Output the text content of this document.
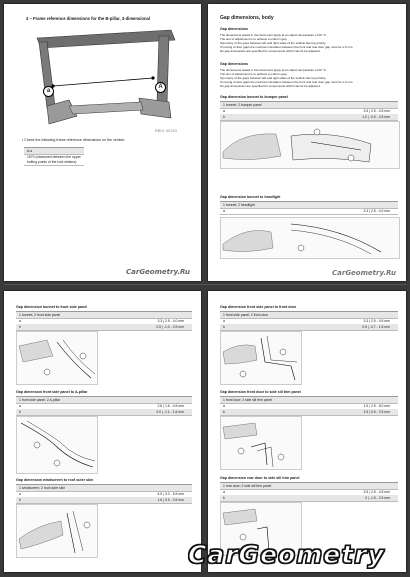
4 – Frame reference dimensions for the B-pillar, 3-dimensional
a
A
RB01 05783
• Check the following frame reference dimensions on the vehicle:
A-a
1570 (measured between the upper bolting points of the lock strikers)
Gap dimensions, body
Gap dimensions
The dimensions stated in this document apply at an object temperature of 20 °C.
The aim of adjustment is to achieve a uniform gap.
Symmetry of the gaps between left and right sides of the vehicle has top priority.
If moving of door gaps the maximum deviation between the front and rear door gap must be 1.0 mm.
No gap dimensions are specified for components which cannot be adjusted.
Gap dimensions
The dimensions stated in this document apply at an object temperature of 20 °C.
The aim of adjustment is to achieve a uniform gap.
Symmetry of the gaps between left and right sides of the vehicle has top priority.
If moving of door gaps the maximum deviation between the front and rear door gap must be 1.0 mm.
No gap dimensions are specified for components which cannot be adjusted.
Gap dimension bonnet to bumper panel
1 bonnet; 2 bumper panel
a	3.5 | 2.5 - 4.5 mm
b	1.0 | -0.5 - 2.5 mm
Gap dimension bonnet to headlight
1 bonnet; 2 headlight
a	3.3 | 2.5 - 4.0 mm
CarGeometry.Ru
CarGeometry.Ru
Gap dimension bonnet to front side panel
1 bonnet; 2 front side panel
a	3.3 | 2.5 - 4.0 mm
b	0.5 | -1.0 - 2.5 mm
Gap dimension front side panel to A-pillar
1 front side panel; 2 A-pillar
a	2.6 | 1.6 - 4.5 mm
b	0.0 | -1.1 - 1.6 mm
Gap dimension windscreen to roof outer skin
1 windscreen; 2 roof outer skin
a	4.5 | 3.2 - 5.5 mm
b	1.6 | 0.5 - 3.5 mm
Gap dimension front side panel to front door
1 front side panel; 2 front door
a	3.3 | 2.5 - 4.5 mm
b	0.5 | -0.7 - 1.5 mm
Gap dimension front door to side sill trim panel
1 front door; 2 side sill trim panel
a	1.5 | 2.5 - 8.0 mm
b	1.5 | 0.5 - 2.5 mm
Gap dimension rear door to side sill trim panel
1 rear door; 2 side sill trim panel
a	3.5 | 2.5 - 4.5 mm
b	0 | -1.5 - 2.5 mm
CarGeometry
